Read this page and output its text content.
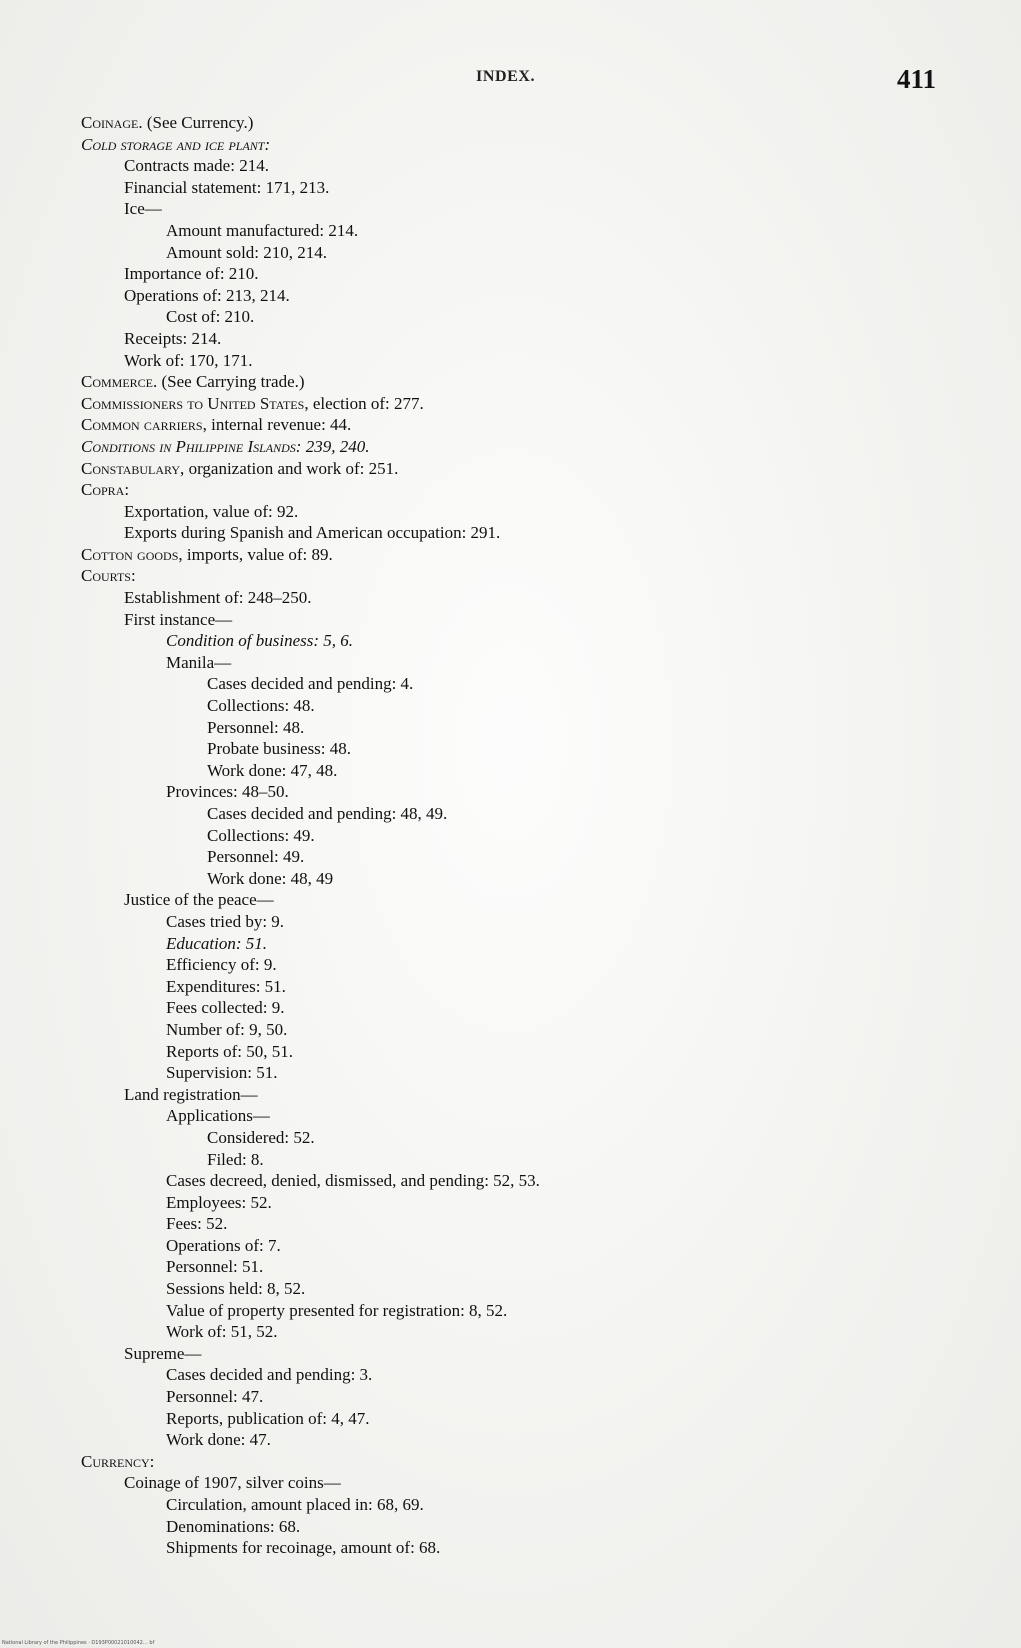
INDEX.	411
Coinage. (See Currency.)
Cold storage and ice plant:
Contracts made: 214.
Financial statement: 171, 213.
Ice—
Amount manufactured: 214.
Amount sold: 210, 214.
Importance of: 210.
Operations of: 213, 214.
Cost of: 210.
Receipts: 214.
Work of: 170, 171.
Commerce. (See Carrying trade.)
Commissioners to United States, election of: 277.
Common carriers, internal revenue: 44.
Conditions in Philippine Islands: 239, 240.
Constabulary, organization and work of: 251.
Copra:
Exportation, value of: 92.
Exports during Spanish and American occupation: 291.
Cotton goods, imports, value of: 89.
Courts:
Establishment of: 248–250.
First instance—
Condition of business: 5, 6.
Manila—
Cases decided and pending: 4.
Collections: 48.
Personnel: 48.
Probate business: 48.
Work done: 47, 48.
Provinces: 48–50.
Cases decided and pending: 48, 49.
Collections: 49.
Personnel: 49.
Work done: 48, 49
Justice of the peace—
Cases tried by: 9.
Education: 51.
Efficiency of: 9.
Expenditures: 51.
Fees collected: 9.
Number of: 9, 50.
Reports of: 50, 51.
Supervision: 51.
Land registration—
Applications—
Considered: 52.
Filed: 8.
Cases decreed, denied, dismissed, and pending: 52, 53.
Employees: 52.
Fees: 52.
Operations of: 7.
Personnel: 51.
Sessions held: 8, 52.
Value of property presented for registration: 8, 52.
Work of: 51, 52.
Supreme—
Cases decided and pending: 3.
Personnel: 47.
Reports, publication of: 4, 47.
Work done: 47.
Currency:
Coinage of 1907, silver coins—
Circulation, amount placed in: 68, 69.
Denominations: 68.
Shipments for recoinage, amount of: 68.
National Library of the Philippines · D193P00021010042… bf
